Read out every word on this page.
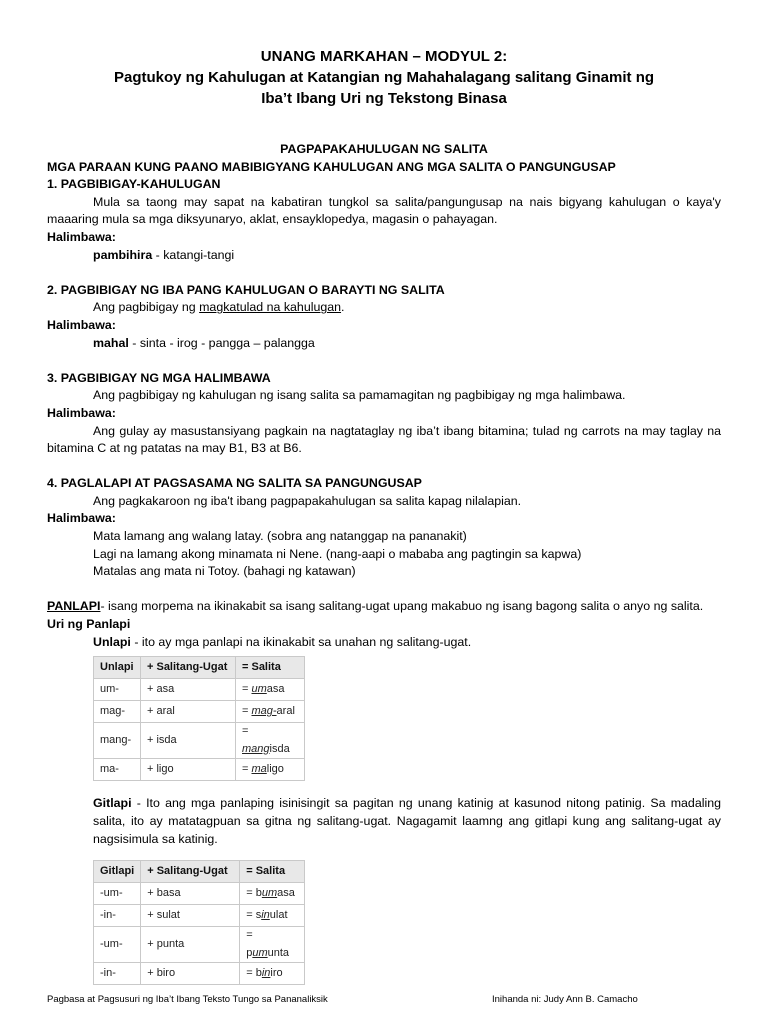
UNANG MARKAHAN – MODYUL 2:

Pagtukoy ng Kahulugan at Katangian ng Mahahalagang salitang Ginamit ng

Iba’t Ibang Uri ng Tekstong Binasa

PAGPAPAKAHULUGAN NG SALITA

MGA PARAAN KUNG PAANO MABIBIGYANG KAHULUGAN ANG MGA SALITA O PANGUNGUSAP

1. PAGBIBIGAY-KAHULUGAN

Mula sa taong may sapat na kabatiran tungkol sa salita/pangungusap na nais bigyang kahulugan o kaya'y maaaring mula sa mga diksyunaryo, aklat, ensayklopedya, magasin o pahayagan.

Halimbawa:

pambihira - katangi-tangi

2. PAGBIBIGAY NG IBA PANG KAHULUGAN O BARAYTI NG SALITA

Ang pagbibigay ng magkatulad na kahulugan.

Halimbawa:

mahal - sinta - irog - pangga – palangga

3. PAGBIBIGAY NG MGA HALIMBAWA

Ang pagbibigay ng kahulugan ng isang salita sa pamamagitan ng pagbibigay ng mga halimbawa.

Halimbawa:

Ang gulay ay masustansiyang pagkain na nagtataglay ng iba’t ibang bitamina; tulad ng carrots na may taglay na bitamina C at ng patatas na may B1, B3 at B6.

4. PAGLALAPI AT PAGSASAMA NG SALITA SA PANGUNGUSAP

Ang pagkakaroon ng iba't ibang pagpapakahulugan sa salita kapag nilalapian.

Halimbawa:

Mata lamang ang walang latay. (sobra ang natanggap na pananakit)

Lagi na lamang akong minamata ni Nene. (nang-aapi o mababa ang pagtingin sa kapwa)

Matalas ang mata ni Totoy. (bahagi ng katawan)

PANLAPI- isang morpema na ikinakabit sa isang salitang-ugat upang makabuo ng isang bagong salita o anyo ng salita.

Uri ng Panlapi

Unlapi - ito ay mga panlapi na ikinakabit sa unahan ng salitang-ugat.

Unlapi	+ Salitang-Ugat	= Salita
um-	+ asa	= umasa
mag-	+ aral	= mag-aral
mang-	+ isda	= mangisda
ma-	+ ligo	= maligo

Gitlapi - Ito ang mga panlaping isinisingit sa pagitan ng unang katinig at kasunod nitong patinig. Sa madaling salita, ito ay matatagpuan sa gitna ng salitang-ugat. Nagagamit laamng ang gitlapi kung ang salitang-ugat ay nagsisimula sa katinig.

Gitlapi	+ Salitang-Ugat	= Salita
-um-	+ basa	= bumasa
-in-	+ sulat	= sinulat
-um-	+ punta	= pumunta
-in-	+ biro	= biniro
Pagbasa at Pagsusuri ng Iba’t Ibang Teksto Tungo sa Pananaliksik	Inihanda ni: Judy Ann B. Camacho
